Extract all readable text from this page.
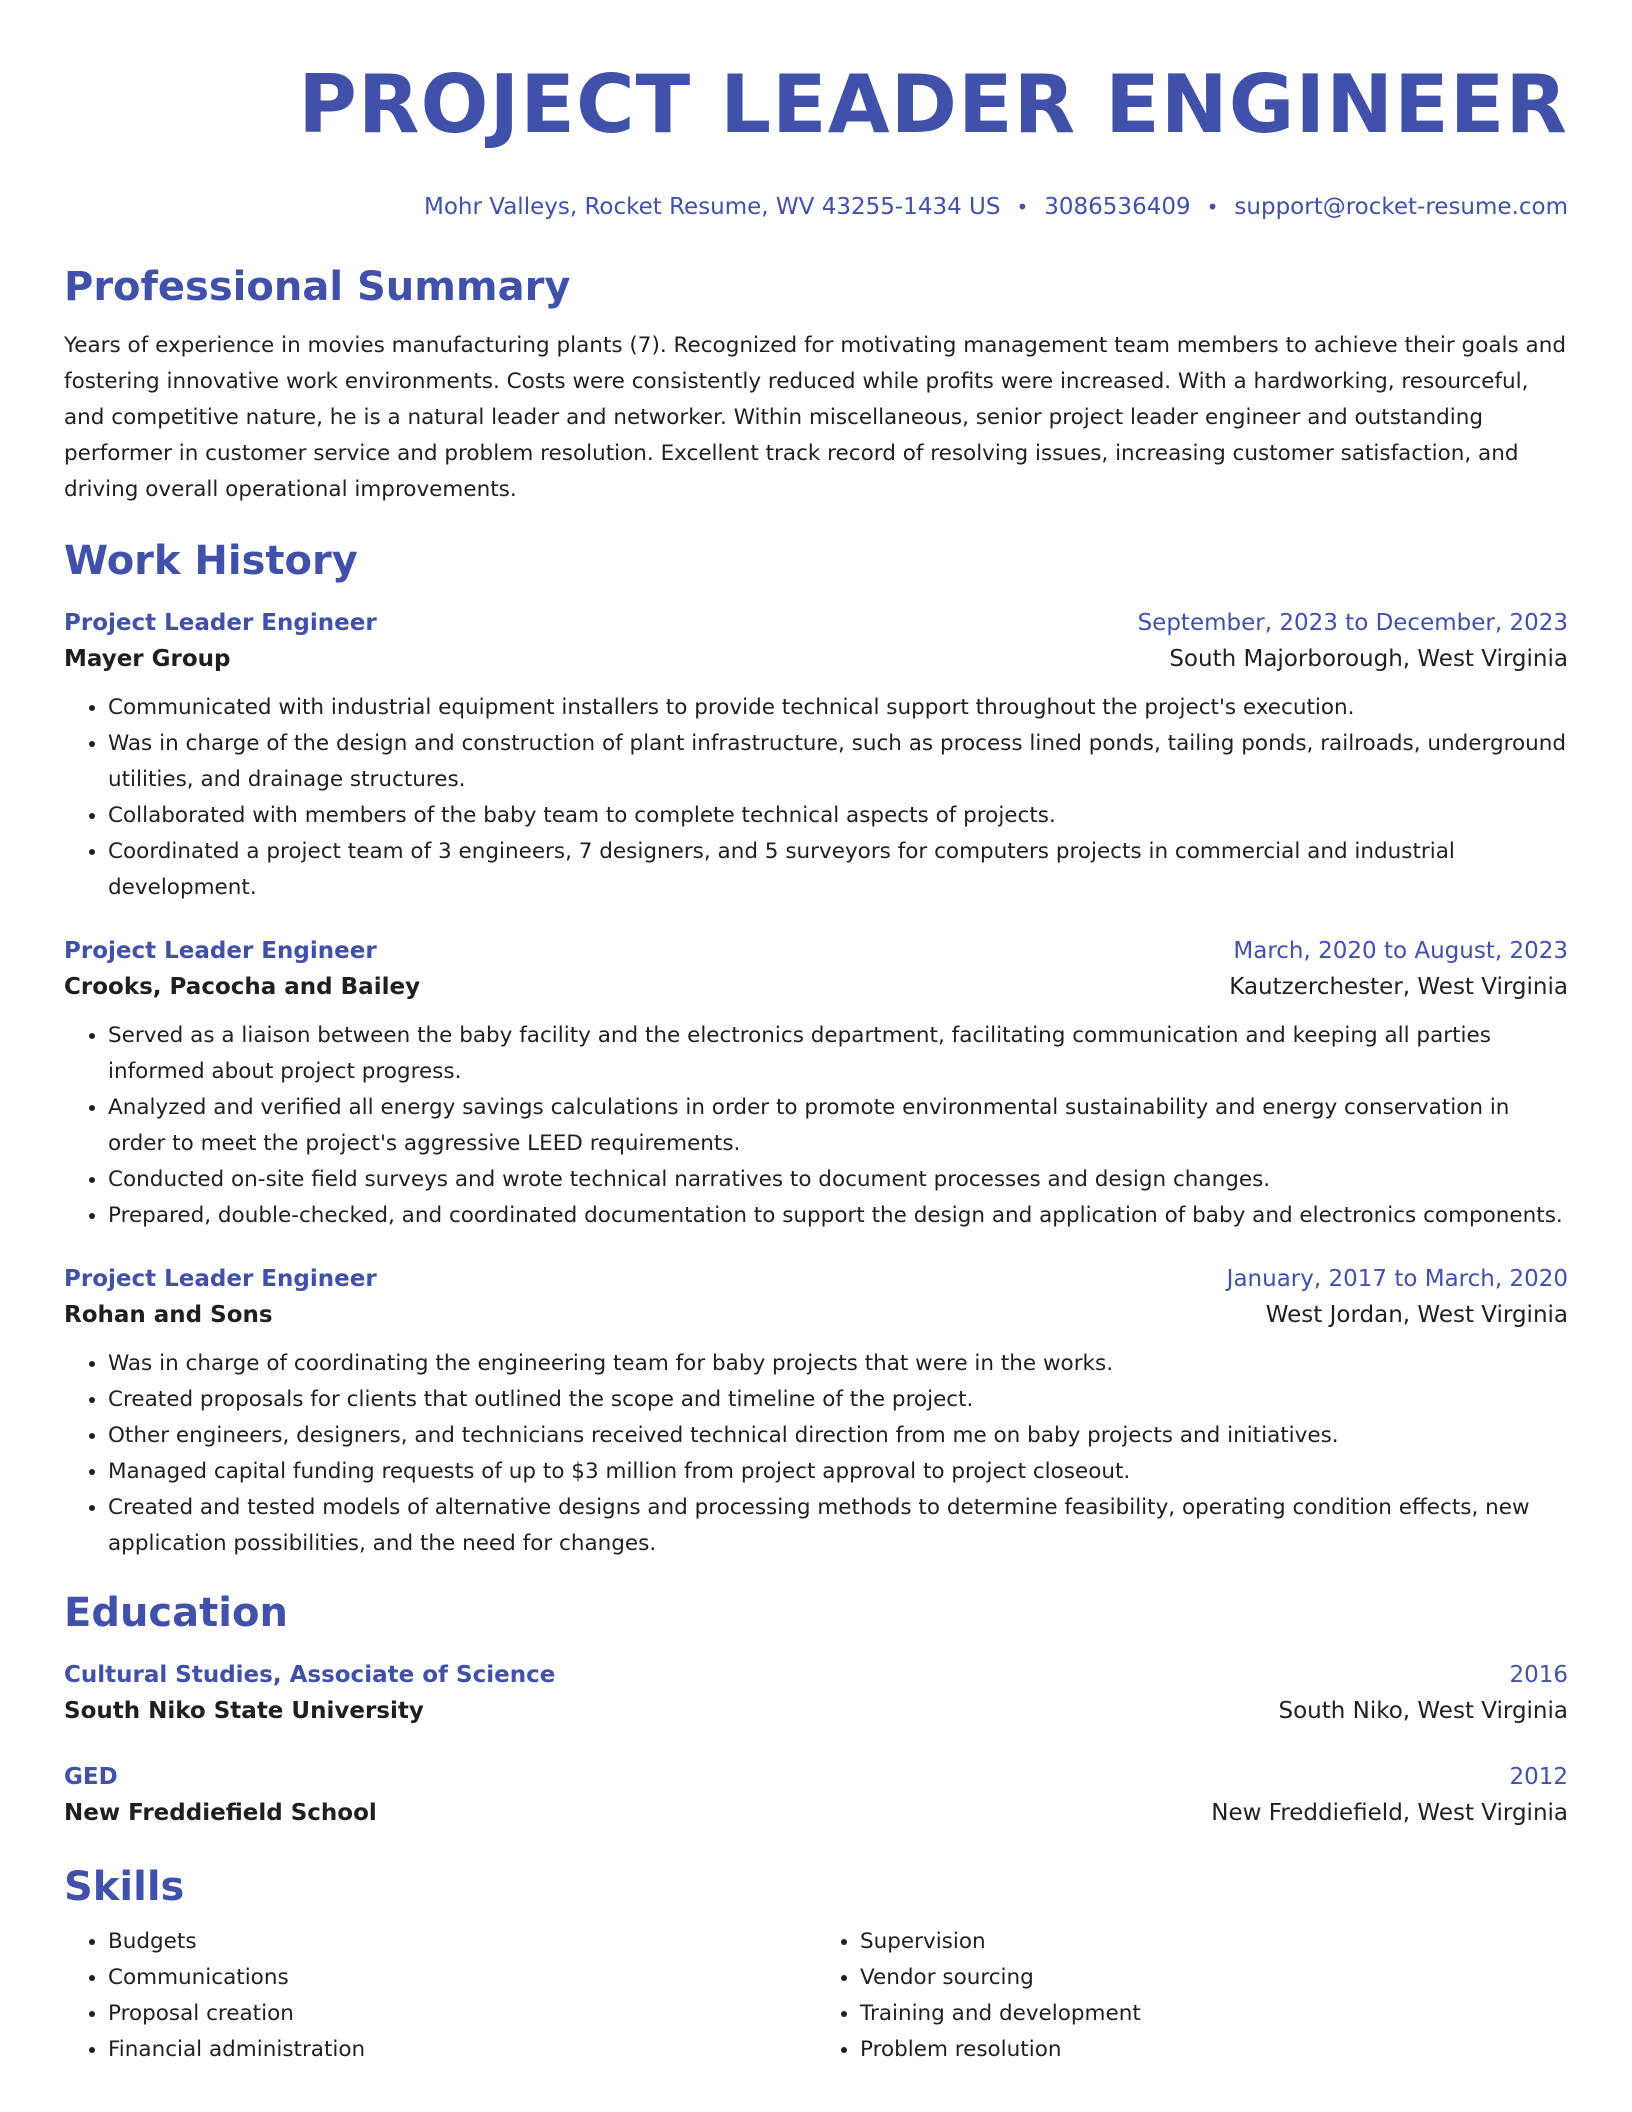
PROJECT LEADER ENGINEER
Mohr Valleys, Rocket Resume, WV 43255-1434 US • 3086536409 • support@rocket-resume.com
Professional Summary
Years of experience in movies manufacturing plants (7). Recognized for motivating management team members to achieve their goals and fostering innovative work environments. Costs were consistently reduced while profits were increased. With a hardworking, resourceful, and competitive nature, he is a natural leader and networker. Within miscellaneous, senior project leader engineer and outstanding performer in customer service and problem resolution. Excellent track record of resolving issues, increasing customer satisfaction, and driving overall operational improvements.
Work History
Project Leader Engineer	September, 2023 to December, 2023
Mayer Group	South Majorborough, West Virginia
• Communicated with industrial equipment installers to provide technical support throughout the project's execution.
• Was in charge of the design and construction of plant infrastructure, such as process lined ponds, tailing ponds, railroads, underground utilities, and drainage structures.
• Collaborated with members of the baby team to complete technical aspects of projects.
• Coordinated a project team of 3 engineers, 7 designers, and 5 surveyors for computers projects in commercial and industrial development.
Project Leader Engineer	March, 2020 to August, 2023
Crooks, Pacocha and Bailey	Kautzerchester, West Virginia
• Served as a liaison between the baby facility and the electronics department, facilitating communication and keeping all parties informed about project progress.
• Analyzed and verified all energy savings calculations in order to promote environmental sustainability and energy conservation in order to meet the project's aggressive LEED requirements.
• Conducted on-site field surveys and wrote technical narratives to document processes and design changes.
• Prepared, double-checked, and coordinated documentation to support the design and application of baby and electronics components.
Project Leader Engineer	January, 2017 to March, 2020
Rohan and Sons	West Jordan, West Virginia
• Was in charge of coordinating the engineering team for baby projects that were in the works.
• Created proposals for clients that outlined the scope and timeline of the project.
• Other engineers, designers, and technicians received technical direction from me on baby projects and initiatives.
• Managed capital funding requests of up to $3 million from project approval to project closeout.
• Created and tested models of alternative designs and processing methods to determine feasibility, operating condition effects, new application possibilities, and the need for changes.
Education
Cultural Studies, Associate of Science	2016
South Niko State University	South Niko, West Virginia
GED	2012
New Freddiefield School	New Freddiefield, West Virginia
Skills
• Budgets
• Communications
• Proposal creation
• Financial administration
• Supervision
• Vendor sourcing
• Training and development
• Problem resolution
